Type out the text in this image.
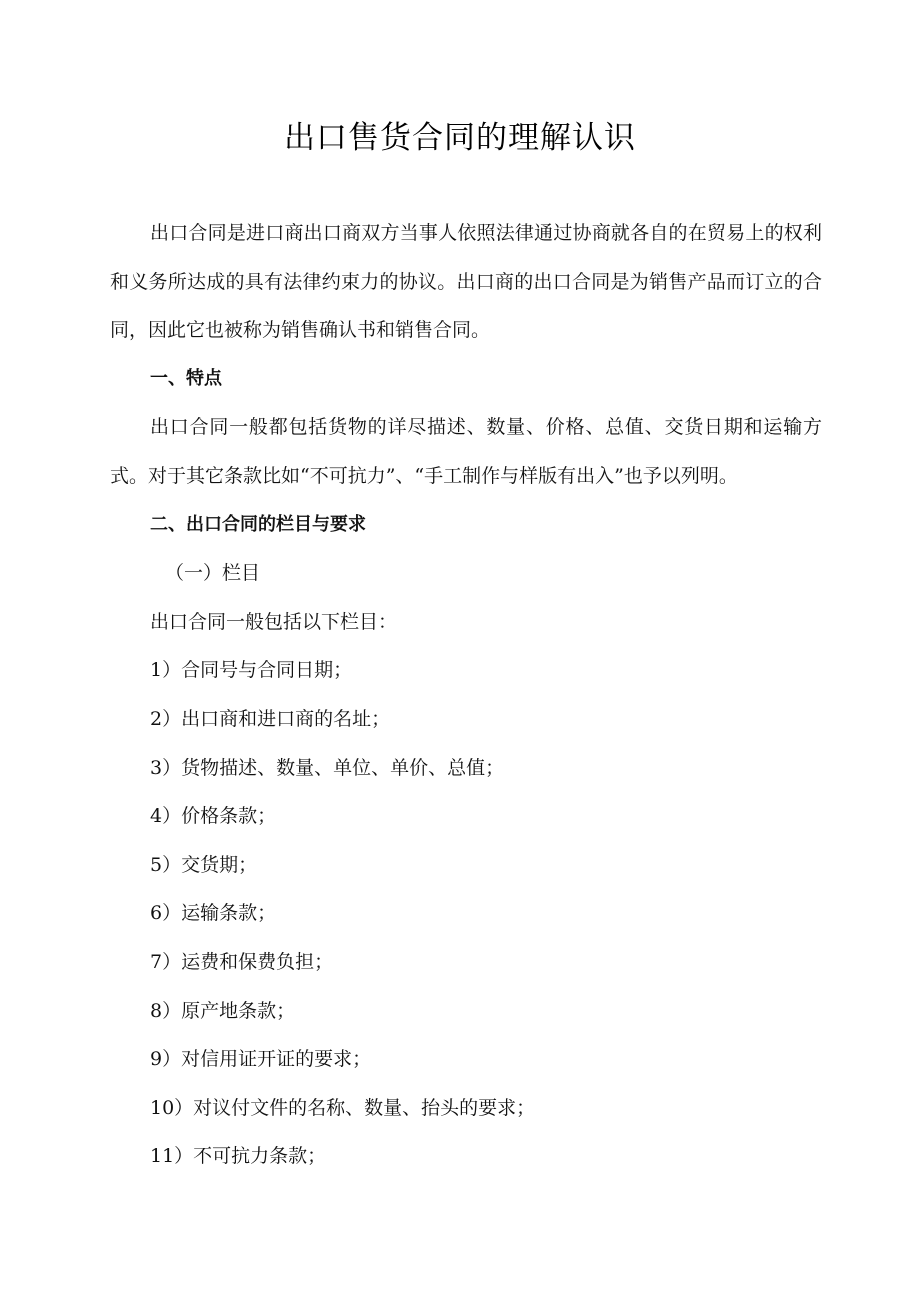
出口售货合同的理解认识

出口合同是进口商出口商双方当事人依照法律通过协商就各自的在贸易上的权利和义务所达成的具有法律约束力的协议。出口商的出口合同是为销售产品而订立的合同，因此它也被称为销售确认书和销售合同。

一、特点

出口合同一般都包括货物的详尽描述、数量、价格、总值、交货日期和运输方式。对于其它条款比如“不可抗力”、“手工制作与样版有出入”也予以列明。

二、出口合同的栏目与要求

（一）栏目

出口合同一般包括以下栏目：

1）合同号与合同日期；
2）出口商和进口商的名址；
3）货物描述、数量、单位、单价、总值；
4）价格条款；
5）交货期；
6）运输条款；
7）运费和保费负担；
8）原产地条款；
9）对信用证开证的要求；
10）对议付文件的名称、数量、抬头的要求；
11）不可抗力条款；
